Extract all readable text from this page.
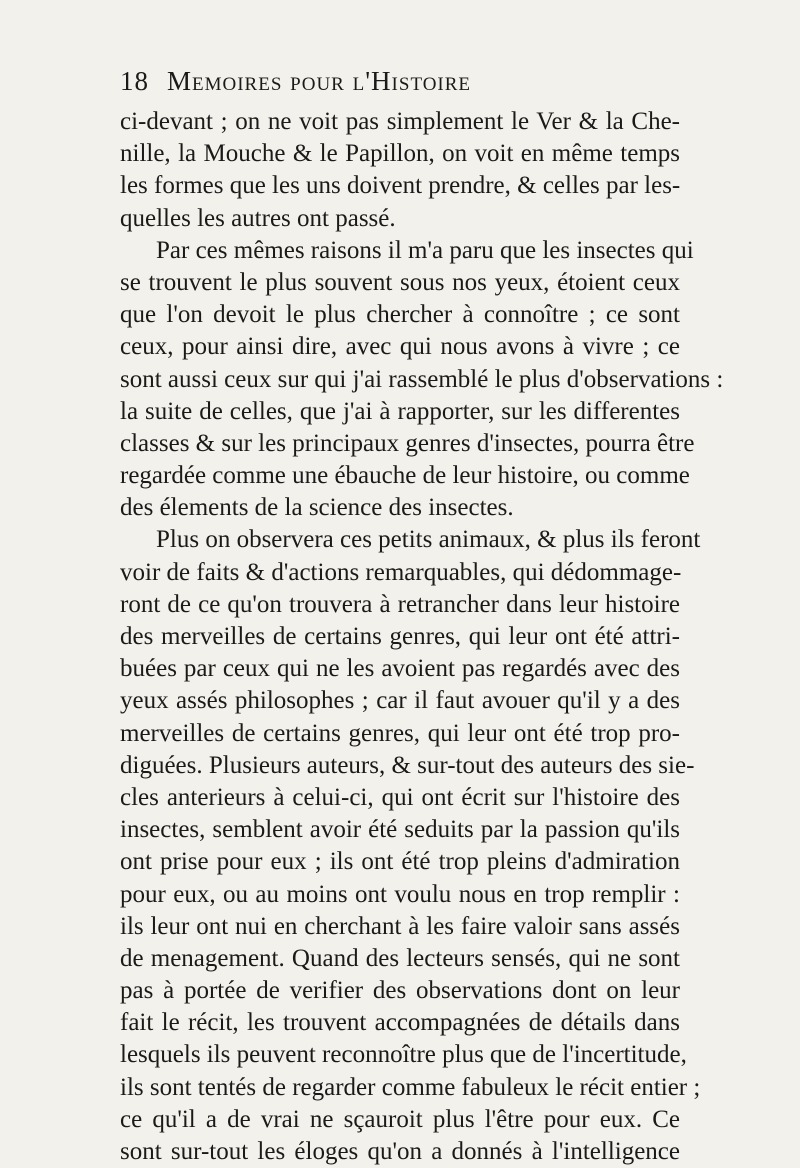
18 Memoires pour l'Histoire
ci-devant ; on ne voit pas simplement le Ver & la Che-
nille, la Mouche & le Papillon, on voit en même temps
les formes que les uns doivent prendre, & celles par les-
quelles les autres ont passé.
Par ces mêmes raisons il m'a paru que les insectes qui
se trouvent le plus souvent sous nos yeux, étoient ceux
que l'on devoit le plus chercher à connoître ; ce sont
ceux, pour ainsi dire, avec qui nous avons à vivre ; ce
sont aussi ceux sur qui j'ai rassemblé le plus d'observations :
la suite de celles, que j'ai à rapporter, sur les differentes
classes & sur les principaux genres d'insectes, pourra être
regardée comme une ébauche de leur histoire, ou comme
des élements de la science des insectes.
Plus on observera ces petits animaux, & plus ils feront
voir de faits & d'actions remarquables, qui dédommage-
ront de ce qu'on trouvera à retrancher dans leur histoire
des merveilles de certains genres, qui leur ont été attri-
buées par ceux qui ne les avoient pas regardés avec des
yeux assés philosophes ; car il faut avouer qu'il y a des
merveilles de certains genres, qui leur ont été trop pro-
diguées. Plusieurs auteurs, & sur-tout des auteurs des sie-
cles anterieurs à celui-ci, qui ont écrit sur l'histoire des
insectes, semblent avoir été seduits par la passion qu'ils
ont prise pour eux ; ils ont été trop pleins d'admiration
pour eux, ou au moins ont voulu nous en trop remplir :
ils leur ont nui en cherchant à les faire valoir sans assés
de menagement. Quand des lecteurs sensés, qui ne sont
pas à portée de verifier des observations dont on leur
fait le récit, les trouvent accompagnées de détails dans
lesquels ils peuvent reconnoître plus que de l'incertitude,
ils sont tentés de regarder comme fabuleux le récit entier ;
ce qu'il a de vrai ne sçauroit plus l'être pour eux. Ce
sont sur-tout les éloges qu'on a donnés à l'intelligence
